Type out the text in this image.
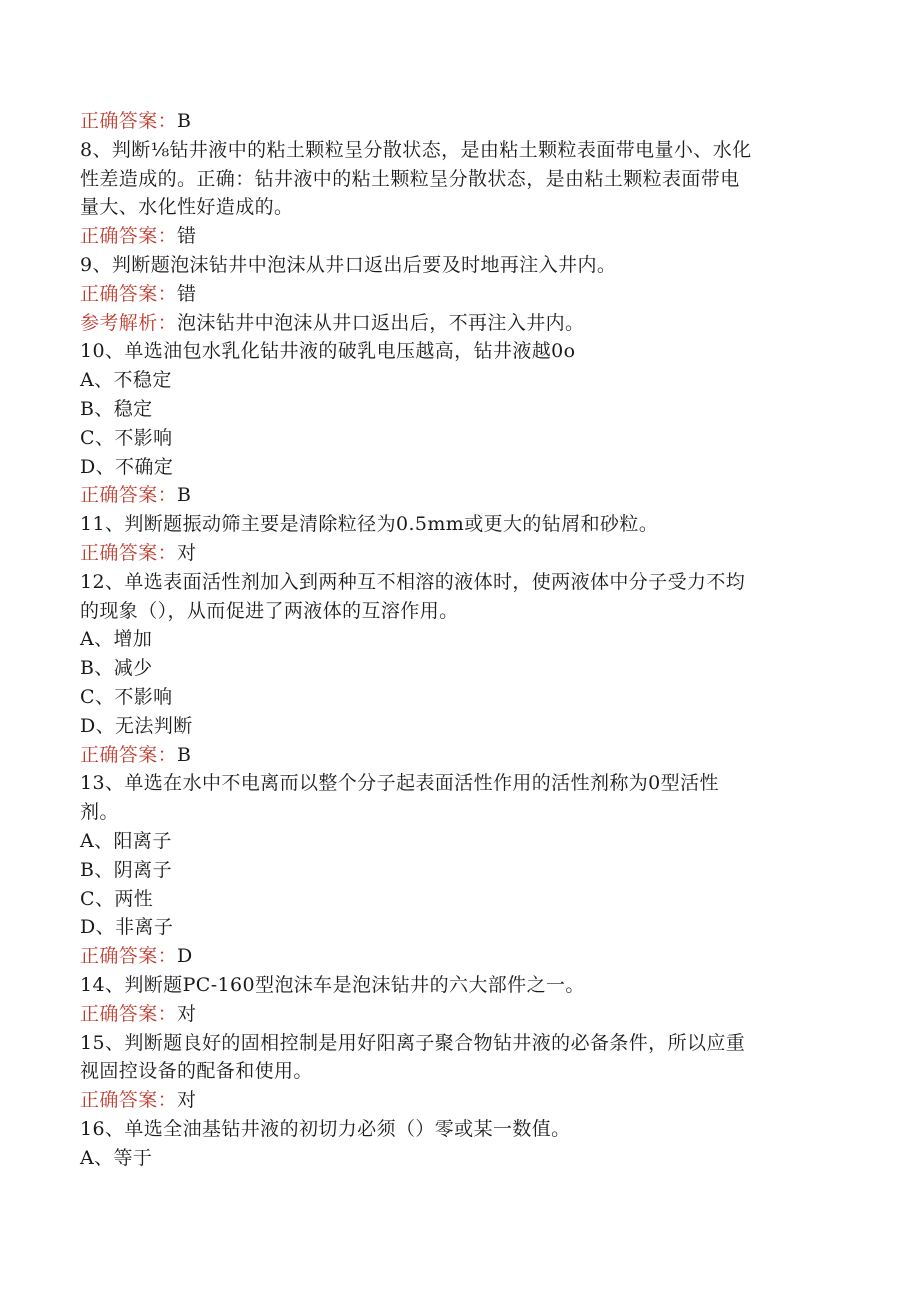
正确答案：B
8、判断⅛钻井液中的粘土颗粒呈分散状态，是由粘土颗粒表面带电量小、水化
性差造成的。正确：钻井液中的粘土颗粒呈分散状态，是由粘土颗粒表面带电
量大、水化性好造成的。
正确答案：错
9、判断题泡沫钻井中泡沫从井口返出后要及时地再注入井内。
正确答案：错
参考解析：泡沫钻井中泡沫从井口返出后，不再注入井内。
10、单选油包水乳化钻井液的破乳电压越高，钻井液越0o
A、不稳定
B、稳定
C、不影响
D、不确定
正确答案：B
11、判断题振动筛主要是清除粒径为0.5mm或更大的钻屑和砂粒。
正确答案：对
12、单选表面活性剂加入到两种互不相溶的液体时，使两液体中分子受力不均
的现象（），从而促进了两液体的互溶作用。
A、增加
B、减少
C、不影响
D、无法判断
正确答案：B
13、单选在水中不电离而以整个分子起表面活性作用的活性剂称为0型活性
剂。
A、阳离子
B、阴离子
C、两性
D、非离子
正确答案：D
14、判断题PC-160型泡沫车是泡沫钻井的六大部件之一。
正确答案：对
15、判断题良好的固相控制是用好阳离子聚合物钻井液的必备条件，所以应重
视固控设备的配备和使用。
正确答案：对
16、单选全油基钻井液的初切力必须（）零或某一数值。
A、等于
